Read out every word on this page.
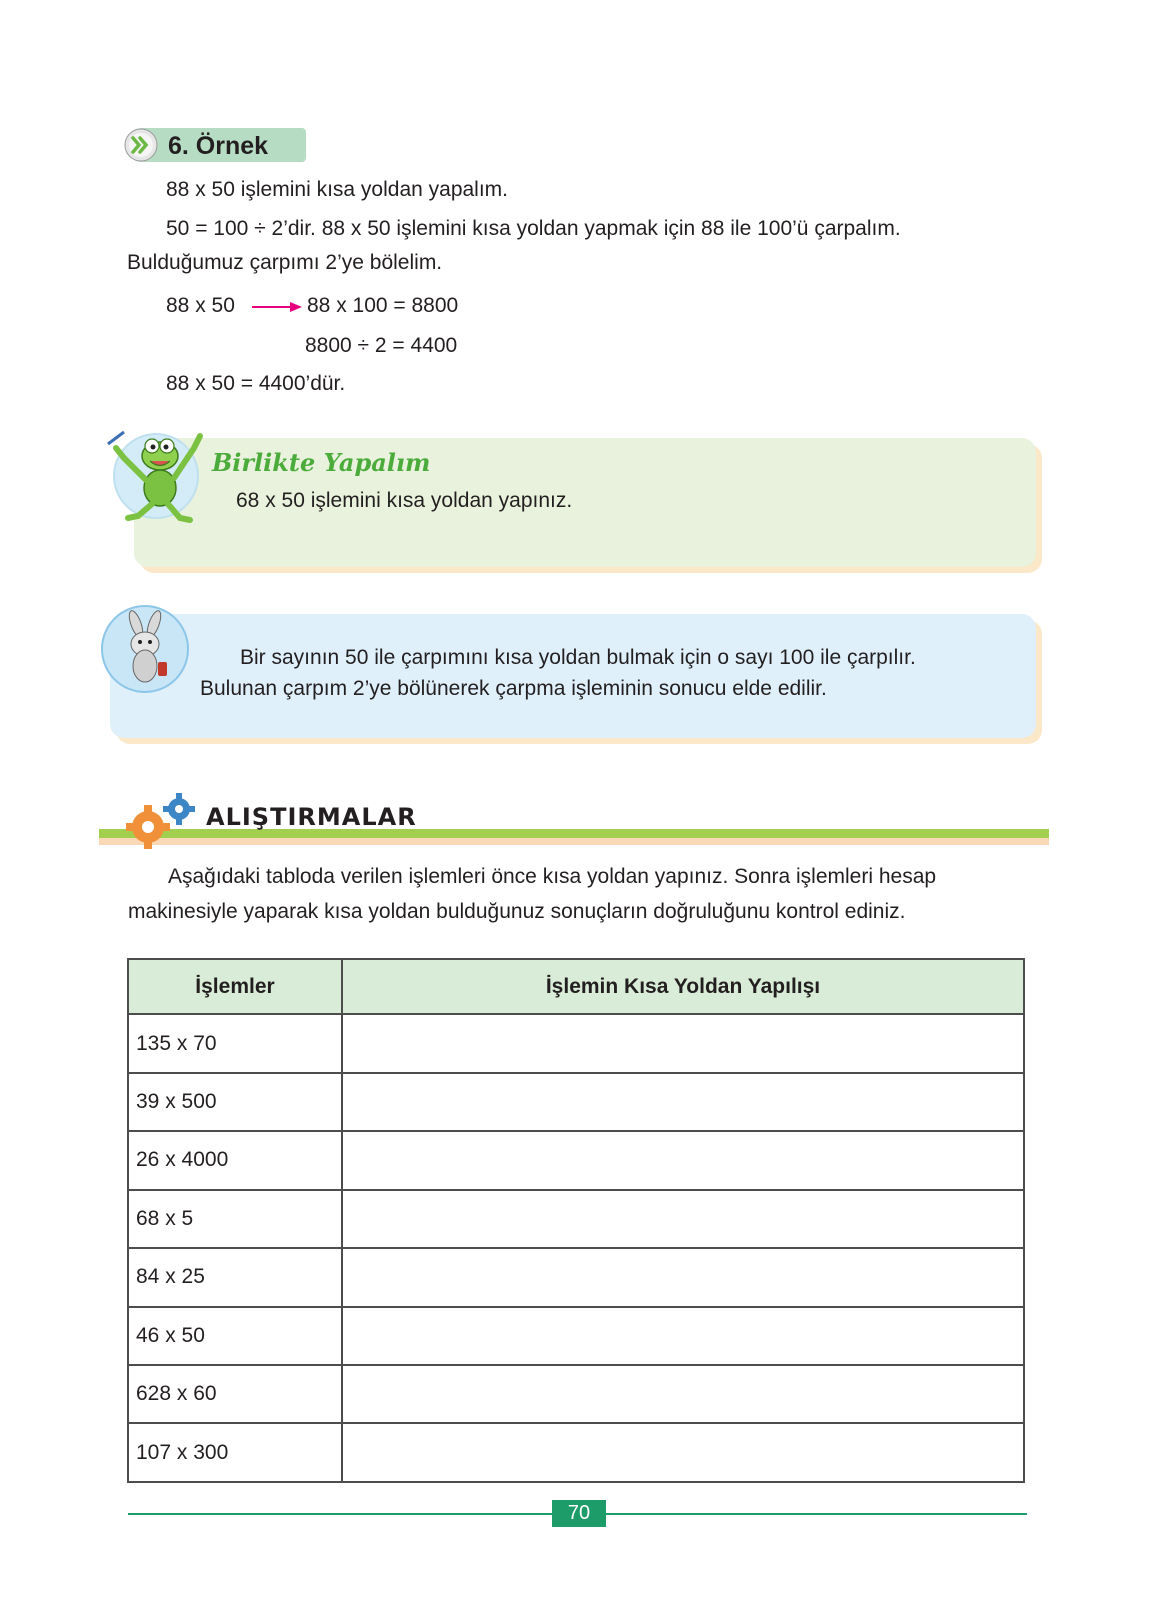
6. Örnek
88 x 50 işlemini kısa yoldan yapalım.
50 = 100 ÷ 2’dir. 88 x 50 işlemini kısa yoldan yapmak için 88 ile 100’ü çarpalım.
Bulduğumuz çarpımı 2’ye bölelim.
88 x 50	88 x 100 = 8800
8800 ÷ 2 = 4400
88 x 50 = 4400’dür.
Birlikte Yapalım
68 x 50 işlemini kısa yoldan yapınız.
Bir sayının 50 ile çarpımını kısa yoldan bulmak için o sayı 100 ile çarpılır.
Bulunan çarpım 2’ye bölünerek çarpma işleminin sonucu elde edilir.
ALIŞTIRMALAR
Aşağıdaki tabloda verilen işlemleri önce kısa yoldan yapınız. Sonra işlemleri hesap
makinesiyle yaparak kısa yoldan bulduğunuz sonuçların doğruluğunu kontrol ediniz.
İşlemler	İşlemin Kısa Yoldan Yapılışı
135 x 70	
39 x 500	
26 x 4000	
68 x 5	
84 x 25	
46 x 50	
628 x 60	
107 x 300	
70
